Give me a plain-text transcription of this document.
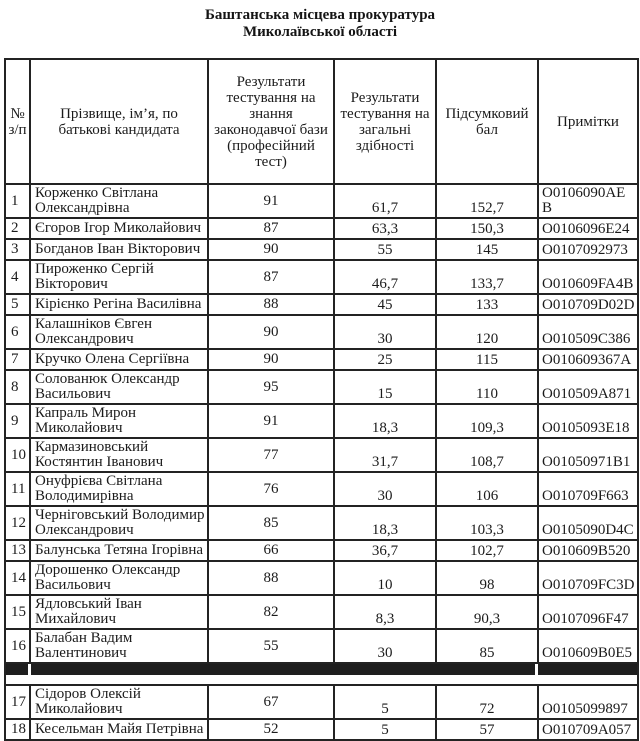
Баштанська місцева прокуратура
Миколаївської області
№ з/п	Прізвище, ім’я, по батькові кандидата	Результати тестування на знання законодавчої бази (професійний тест)	Результати тестування на загальні здібності	Підсумковий бал	Примітки
1	Корженко Світлана Олександрівна	91	61,7	152,7	O0106090AEB
2	Єгоров Ігор Миколайович	87	63,3	150,3	O0106096E24
3	Богданов Іван Вікторович	90	55	145	O0107092973
4	Пироженко Сергій Вікторович	87	46,7	133,7	O010609FA4B
5	Кірієнко Регіна Василівна	88	45	133	O010709D02D
6	Калашніков Євген Олександрович	90	30	120	O010509C386
7	Кручко Олена Сергіївна	90	25	115	O010609367A
8	Солованюк Олександр Васильович	95	15	110	O010509A871
9	Капраль Мирон Миколайович	91	18,3	109,3	O0105093E18
10	Кармазиновський Костянтин Іванович	77	31,7	108,7	O01050971B1
11	Онуфрієва Світлана Володимирівна	76	30	106	O010709F663
12	Черніговський Володимир Олександрович	85	18,3	103,3	O0105090D4C
13	Балунська Тетяна Ігорівна	66	36,7	102,7	O010609B520
14	Дорошенко Олександр Васильович	88	10	98	O010709FC3D
15	Ядловський Іван Михайлович	82	8,3	90,3	O0107096F47
16	Балабан Вадим Валентинович	55	30	85	O010609B0E5

17	Сідоров Олексій Миколайович	67	5	72	O0105099897
18	Кесельман Майя Петрівна	52	5	57	O010709A057
